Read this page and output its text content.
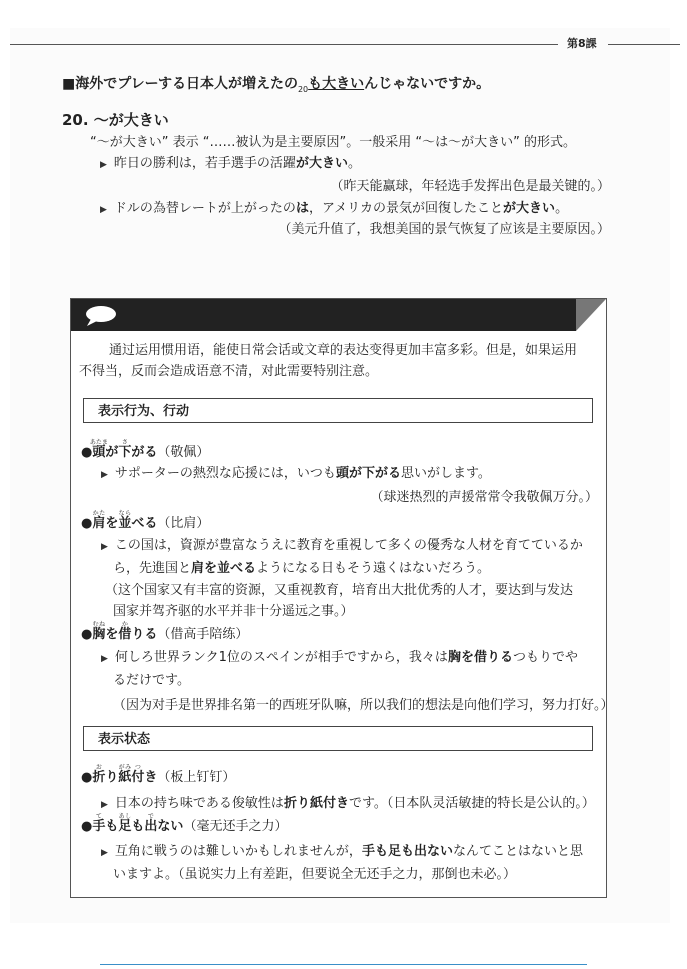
第8課
■海外でプレーする日本人が増えたの$_{20}$も大きいんじゃないですか。
20. ～が大きい
“～が大きい” 表示 “……被认为是主要原因”。一般采用 “～は～が大きい” 的形式。
▶ 昨日の勝利は，若手選手の活躍が大きい。
（昨天能赢球，年轻选手发挥出色是最关键的。）
▶ ドルの為替レートが上がったのは，アメリカの景気が回復したことが大きい。
（美元升值了，我想美国的景气恢复了应该是主要原因。）
通过运用惯用语，能使日常会话或文章的表达变得更加丰富多彩。但是，如果运用
不得当，反而会造成语意不清，对此需要特别注意。
表示行为、行动
●頭あたまが下さがる（敬佩）
▶ サポーターの熱烈な応援には，いつも頭が下がる思いがします。
（球迷热烈的声援常常令我敬佩万分。）
●肩かたを並ならべる（比肩）
▶ この国は，資源が豊富なうえに教育を重視して多くの優秀な人材を育てているか
ら，先進国と肩を並べるようになる日もそう遠くはないだろう。
（这个国家又有丰富的资源，又重视教育，培育出大批优秀的人才，要达到与发达
国家并驾齐驱的水平并非十分遥远之事。）
●胸むねを借かりる（借高手陪练）
▶ 何しろ世界ランク1位のスペインが相手ですから，我々は胸を借りるつもりでや
るだけです。
（因为对手是世界排名第一的西班牙队嘛，所以我们的想法是向他们学习，努力打好。）
表示状态
●折おり紙がみ付つき（板上钉钉）
▶ 日本の持ち味である俊敏性は折り紙付きです。（日本队灵活敏捷的特长是公认的。）
●手ても足あしも出でない（毫无还手之力）
▶ 互角に戦うのは難しいかもしれませんが，手も足も出ないなんてことはないと思
いますよ。（虽说实力上有差距，但要说全无还手之力，那倒也未必。）
